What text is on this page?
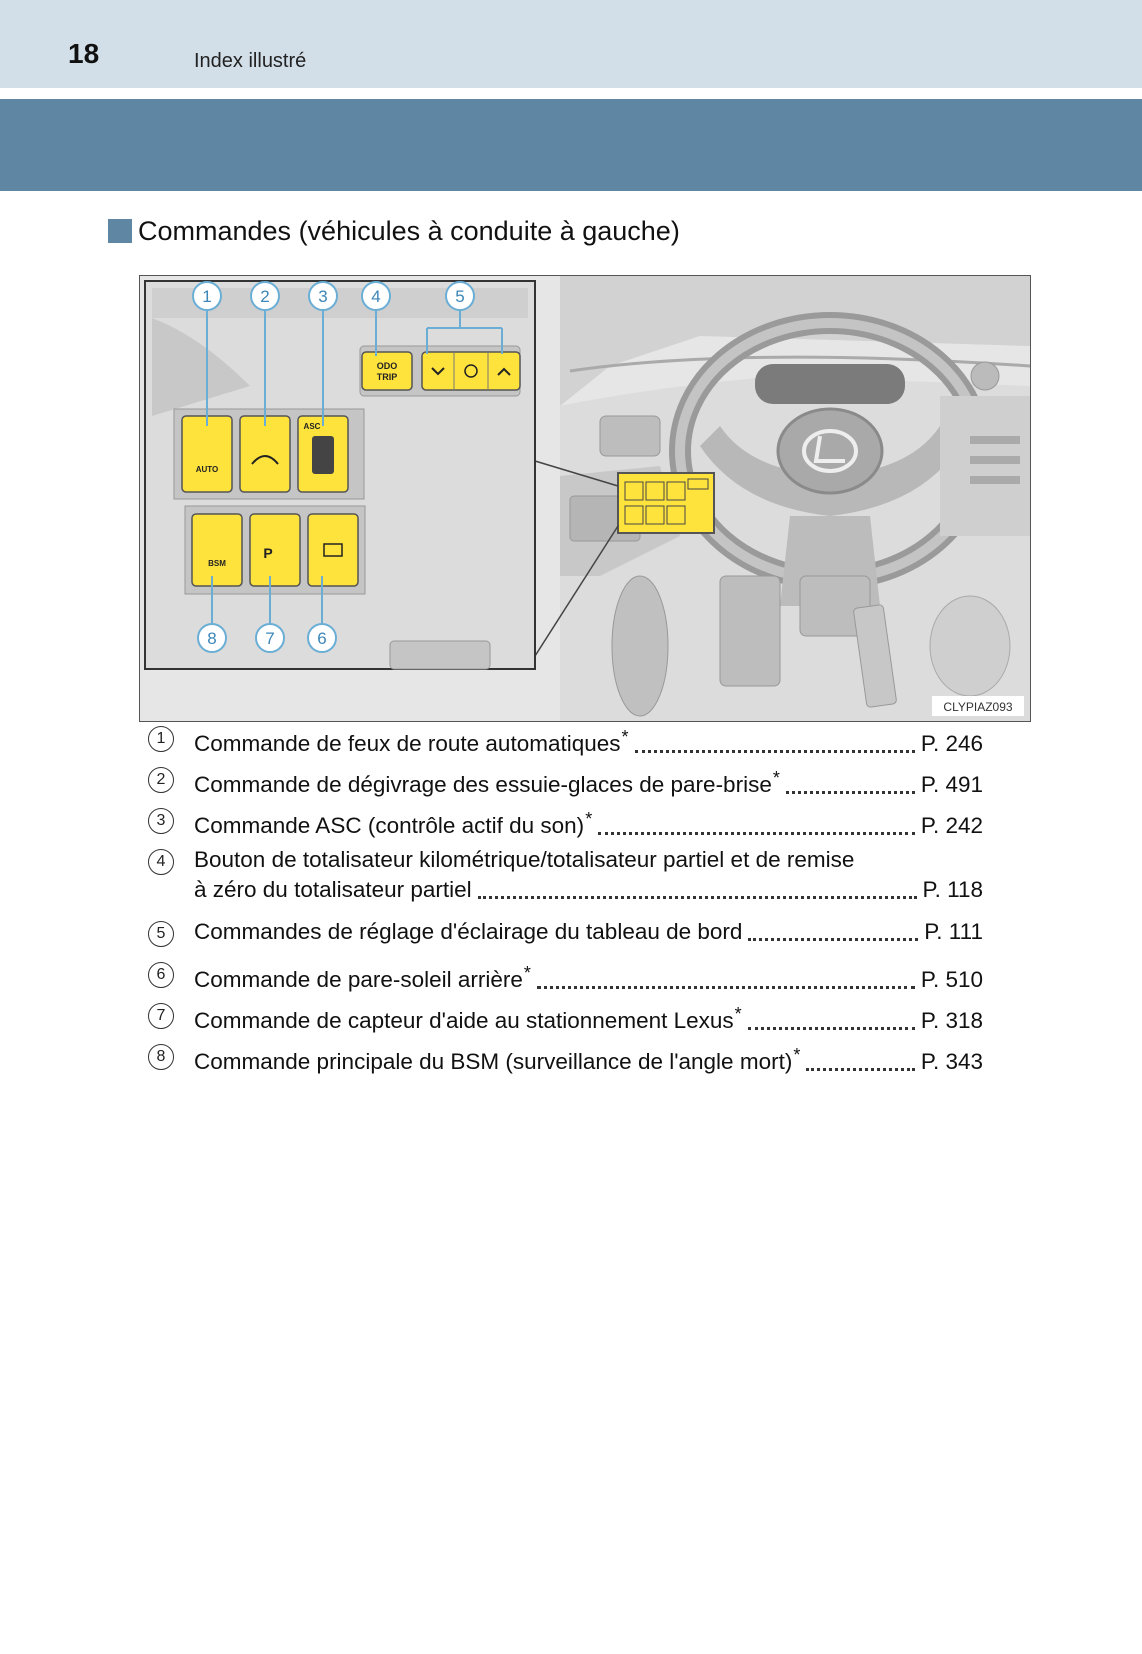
18	Index illustré
Commandes (véhicules à conduite à gauche)
ODO
TRIP
AUTO
ASC
BSM
P
1	2	3	4	5
6
7
8
CLYPIAZ093
1	Commande de feux de route automatiques*	P. 246
2	Commande de dégivrage des essuie-glaces de pare-brise*	P. 491
3	Commande ASC (contrôle actif du son)*	P. 242
4	Bouton de totalisateur kilométrique/totalisateur partiel et de remise
à zéro du totalisateur partiel	P. 118
5	Commandes de réglage d'éclairage du tableau de bord	P. 111
6	Commande de pare-soleil arrière*	P. 510
7	Commande de capteur d'aide au stationnement Lexus*	P. 318
8	Commande principale du BSM (surveillance de l'angle mort)*	P. 343
